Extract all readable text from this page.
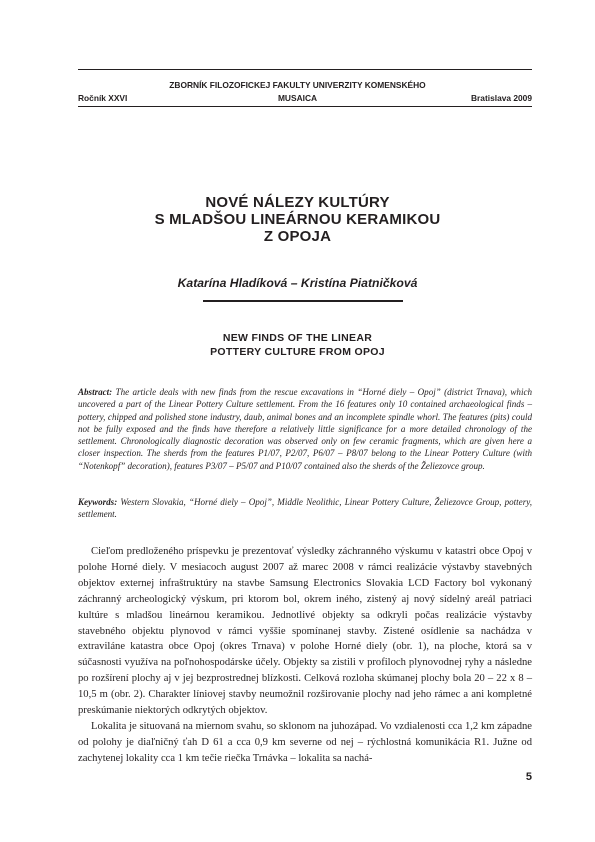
ZBORNÍK FILOZOFICKEJ FAKULTY UNIVERZITY KOMENSKÉHO
Ročník XXVI	MUSAICA	Bratislava 2009
NOVÉ NÁLEZY KULTÚRY
S MLADŠOU LINEÁRNOU KERAMIKOU
Z OPOJA
Katarína Hladíková – Kristína Piatničková
NEW FINDS OF THE LINEAR
POTTERY CULTURE FROM OPOJ
Abstract: The article deals with new finds from the rescue excavations in “Horné diely – Opoj” (district Trnava), which uncovered a part of the Linear Pottery Culture settlement. From the 16 features only 10 contained archaeological finds – pottery, chipped and polished stone industry, daub, animal bones and an incomplete spindle whorl. The features (pits) could not be fully exposed and the finds have therefore a relatively little significance for a more detailed chronology of the settlement. Chronologically diagnostic decoration was observed only on few ceramic fragments, which are given here a closer inspection. The sherds from the features P1/07, P2/07, P6/07 – P8/07 belong to the Linear Pottery Culture (with “Notenkopf” decoration), features P3/07 – P5/07 and P10/07 contained also the sherds of the Želiezovce group.
Keywords: Western Slovakia, “Horné diely – Opoj”, Middle Neolithic, Linear Pottery Culture, Želiezovce Group, pottery, settlement.

Cieľom predloženého príspevku je prezentovať výsledky záchranného výskumu v katastri obce Opoj v polohe Horné diely. V mesiacoch august 2007 až marec 2008 v rámci realizácie výstavby stavebných objektov externej infraštruktúry na stavbe Samsung Electronics Slovakia LCD Factory bol vykonaný záchranný archeologický výskum, pri ktorom bol, okrem iného, zistený aj nový sídelný areál patriaci kultúre s mladšou lineárnou keramikou. Jednotlivé objekty sa odkryli počas realizácie výstavby stavebného objektu plynovod v rámci vyššie spomínanej stavby. Zistené osídlenie sa nachádza v extraviláne katastra obce Opoj (okres Trnava) v polohe Horné diely (obr. 1), na ploche, ktorá sa v súčasnosti využíva na poľnohospodárske účely. Objekty sa zistili v profiloch plynovodnej ryhy a následne po rozšírení plochy aj v jej bezprostrednej blízkosti. Celková rozloha skúmanej plochy bola 20 – 22 x 8 – 10,5 m (obr. 2). Charakter líniovej stavby neumožnil rozširovanie plochy nad jeho rámec a ani kompletné preskúmanie niektorých odkrytých objektov.

Lokalita je situovaná na miernom svahu, so sklonom na juhozápad. Vo vzdialenosti cca 1,2 km západne od polohy je diaľničný ťah D 61 a cca 0,9 km severne od nej – rýchlostná komunikácia R1. Južne od zachytenej lokality cca 1 km tečie riečka Trnávka – lokalita sa nachá-

5
